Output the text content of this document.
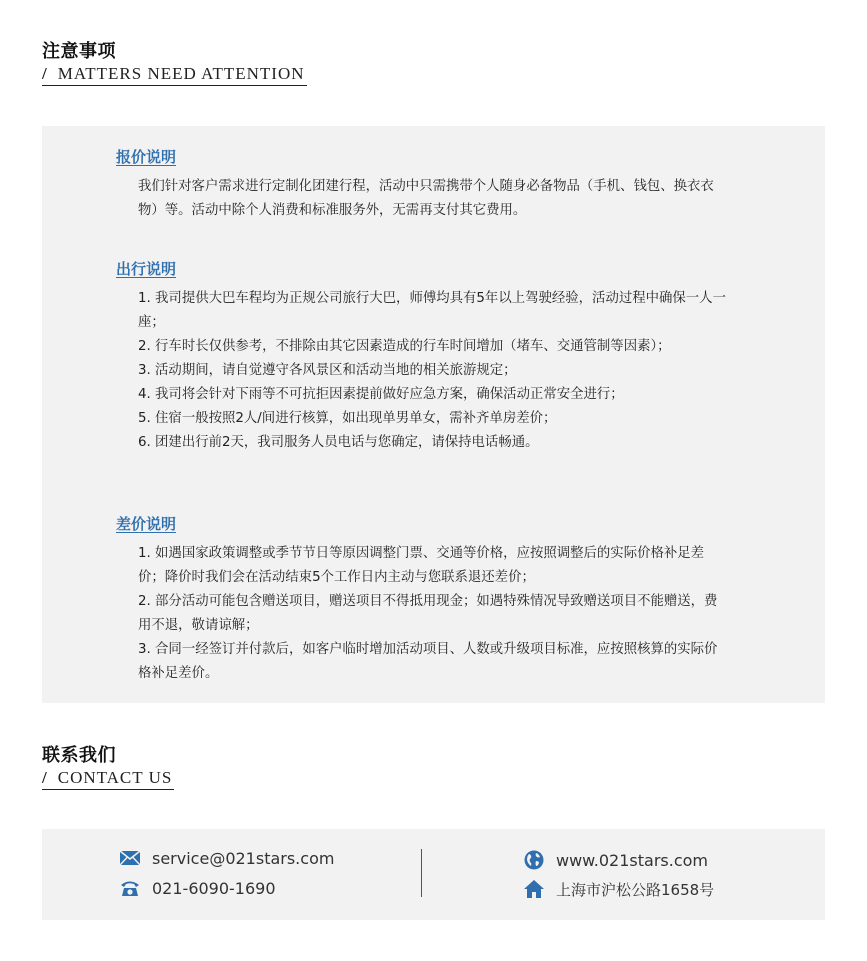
注意事项
/ MATTERS NEED ATTENTION
报价说明

我们针对客户需求进行定制化团建行程，活动中只需携带个人随身必备物品（手机、钱包、换衣衣物）等。活动中除个人消费和标准服务外，无需再支付其它费用。

出行说明

1. 我司提供大巴车程均为正规公司旅行大巴，师傅均具有5年以上驾驶经验，活动过程中确保一人一座；

2. 行车时长仅供参考，不排除由其它因素造成的行车时间增加（堵车、交通管制等因素）；

3. 活动期间，请自觉遵守各风景区和活动当地的相关旅游规定；

4. 我司将会针对下雨等不可抗拒因素提前做好应急方案，确保活动正常安全进行；

5. 住宿一般按照2人/间进行核算，如出现单男单女，需补齐单房差价；

6. 团建出行前2天，我司服务人员电话与您确定，请保持电话畅通。

差价说明

1. 如遇国家政策调整或季节节日等原因调整门票、交通等价格，应按照调整后的实际价格补足差价；降价时我们会在活动结束5个工作日内主动与您联系退还差价；

2. 部分活动可能包含赠送项目，赠送项目不得抵用现金；如遇特殊情况导致赠送项目不能赠送，费用不退，敬请谅解；

3. 合同一经签订并付款后，如客户临时增加活动项目、人数或升级项目标准，应按照核算的实际价格补足差价。

联系我们
/ CONTACT US
service@021stars.com
021-6090-1690
www.021stars.com
上海市沪松公路1658号
